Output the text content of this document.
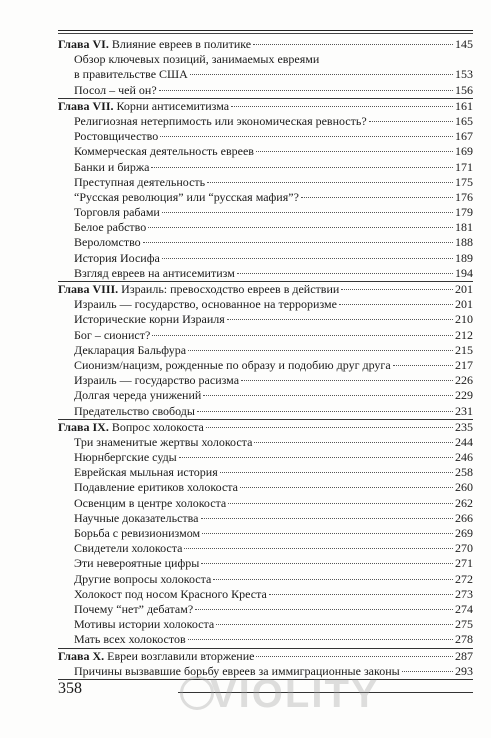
Глава VI. Влияние евреев в политике	145
Обзор ключевых позиций, занимаемых евреями
в правительстве США	153
Посол – чей он?	156
Глава VII. Корни антисемитизма	161
Религиозная нетерпимость или экономическая ревность?	165
Ростовщичество	167
Коммерческая деятельность евреев	169
Банки и биржа	171
Преступная деятельность	175
“Русская революция” или “русская мафия”?	176
Торговля рабами	179
Белое рабство	181
Вероломство	188
История Иосифа	189
Взгляд евреев на антисемитизм	194
Глава VIII. Израиль: превосходство евреев в действии	201
Израиль — государство, основанное на терроризме	201
Исторические корни Израиля	210
Бог – сионист?	212
Декларация Бальфура	215
Сионизм/нацизм, рожденные по образу и подобию друг друга	217
Израиль — государство расизма	226
Долгая череда унижений	229
Предательство свободы	231
Глава IX. Вопрос холокоста	235
Три знаменитые жертвы холокоста	244
Нюрнбергские суды	246
Еврейская мыльная история	258
Подавление еритиков холокоста	260
Освенцим в центре холокоста	262
Научные доказательства	266
Борьба с ревизионизмом	269
Свидетели холокоста	270
Эти невероятные цифры	271
Другие вопросы холокоста	272
Холокост под носом Красного Креста	273
Почему “нет” дебатам?	274
Мотивы истории холокоста	275
Мать всех холокостов	278
Глава X. Евреи возглавили вторжение	287
Причины вызвавшие борьбу евреев за иммиграционные законы	293
358	VIOLITY
